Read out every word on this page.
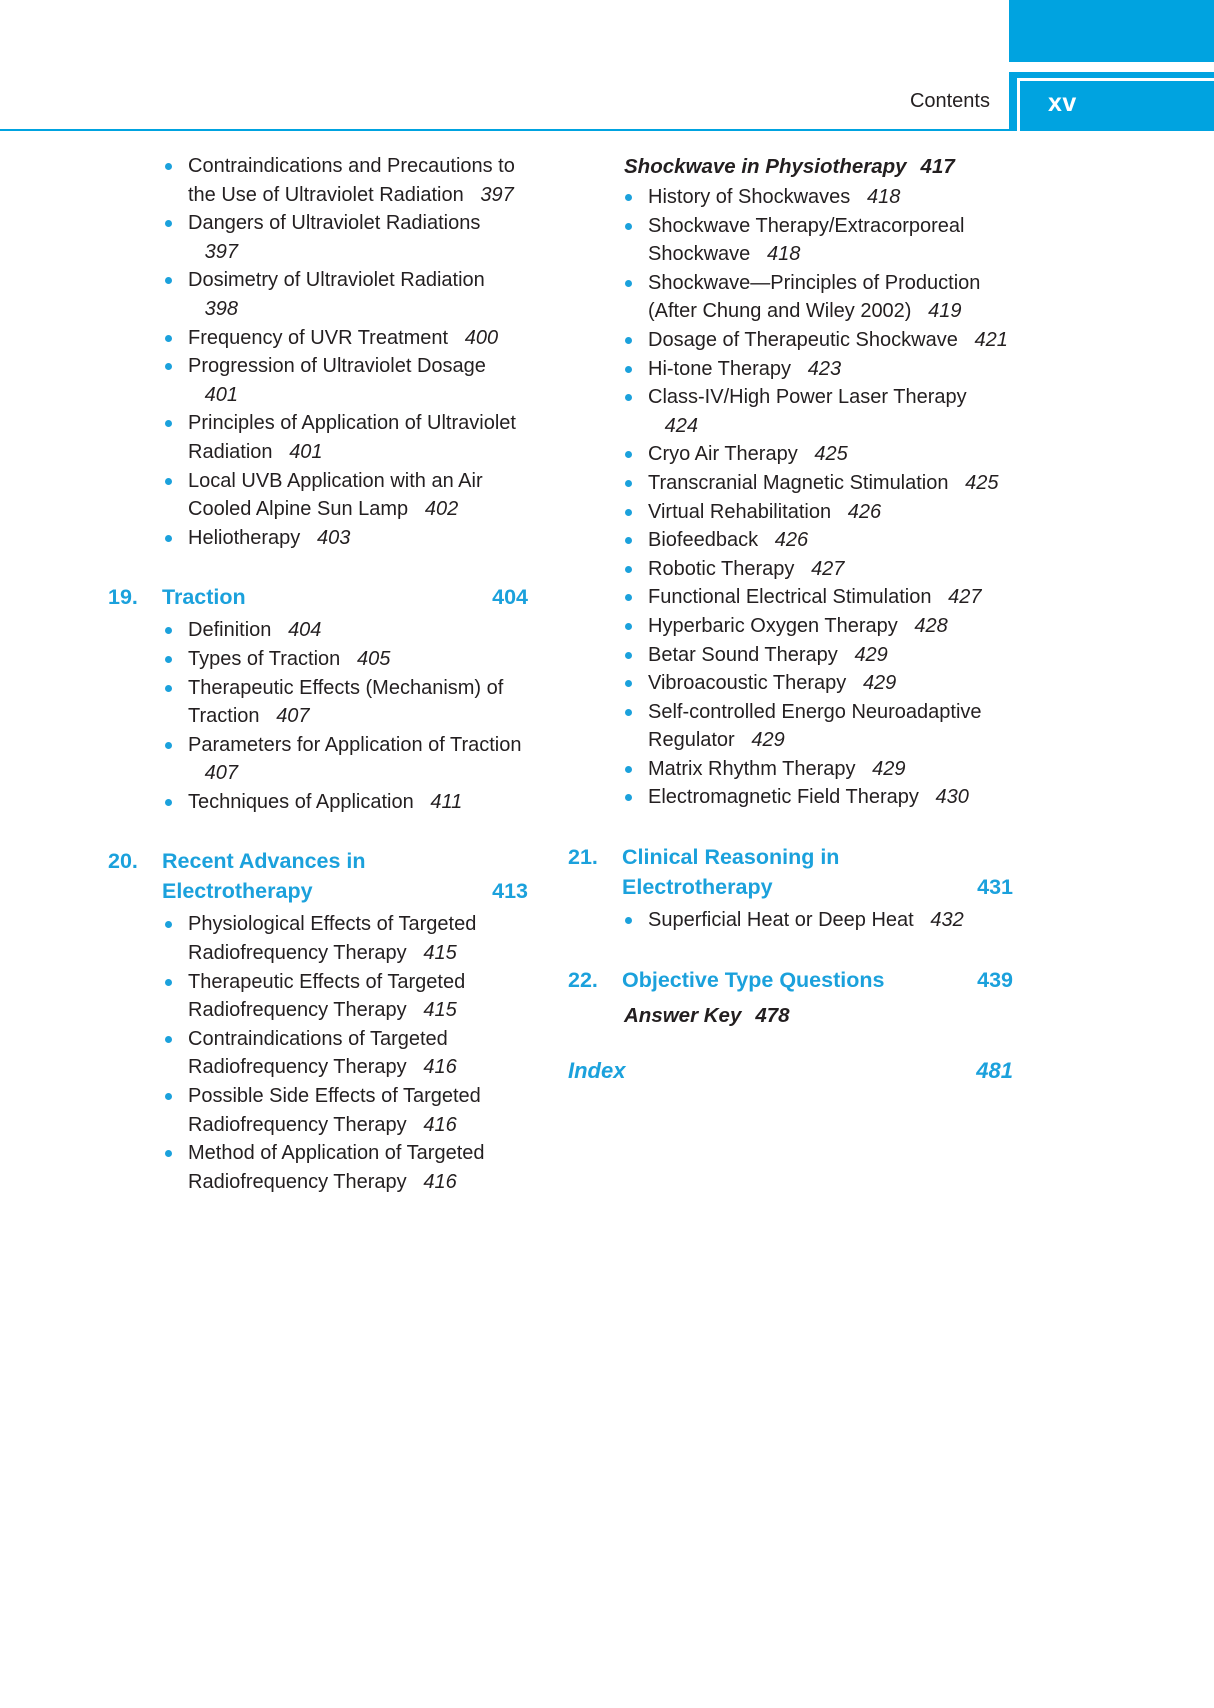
xv
Contents
Contraindications and Precautions to the Use of Ultraviolet Radiation 397
Dangers of Ultraviolet Radiations   397
Dosimetry of Ultraviolet Radiation   398
Frequency of UVR Treatment 400
Progression of Ultraviolet Dosage   401
Principles of Application of Ultraviolet Radiation 401
Local UVB Application with an Air Cooled Alpine Sun Lamp 402
Heliotherapy 403
19.	Traction	404
Definition 404
Types of Traction 405
Therapeutic Effects (Mechanism) of Traction 407
Parameters for Application of Traction   407
Techniques of Application 411
20.	Recent Advances in Electrotherapy	413
Physiological Effects of Targeted Radiofrequency Therapy 415
Therapeutic Effects of Targeted Radiofrequency Therapy 415
Contraindications of Targeted Radiofrequency Therapy 416
Possible Side Effects of Targeted Radiofrequency Therapy 416
Method of Application of Targeted Radiofrequency Therapy 416
Shockwave in Physiotherapy 417
History of Shockwaves 418
Shockwave Therapy/Extracorporeal Shockwave 418
Shockwave—Principles of Production (After Chung and Wiley 2002) 419
Dosage of Therapeutic Shockwave 421
Hi-tone Therapy 423
Class-IV/High Power Laser Therapy   424
Cryo Air Therapy 425
Transcranial Magnetic Stimulation 425
Virtual Rehabilitation 426
Biofeedback 426
Robotic Therapy 427
Functional Electrical Stimulation 427
Hyperbaric Oxygen Therapy 428
Betar Sound Therapy 429
Vibroacoustic Therapy 429
Self-controlled Energo Neuroadaptive Regulator 429
Matrix Rhythm Therapy 429
Electromagnetic Field Therapy 430
21.	Clinical Reasoning in Electrotherapy	431
Superficial Heat or Deep Heat 432
22.	Objective Type Questions	439
Answer Key 478
Index	481
